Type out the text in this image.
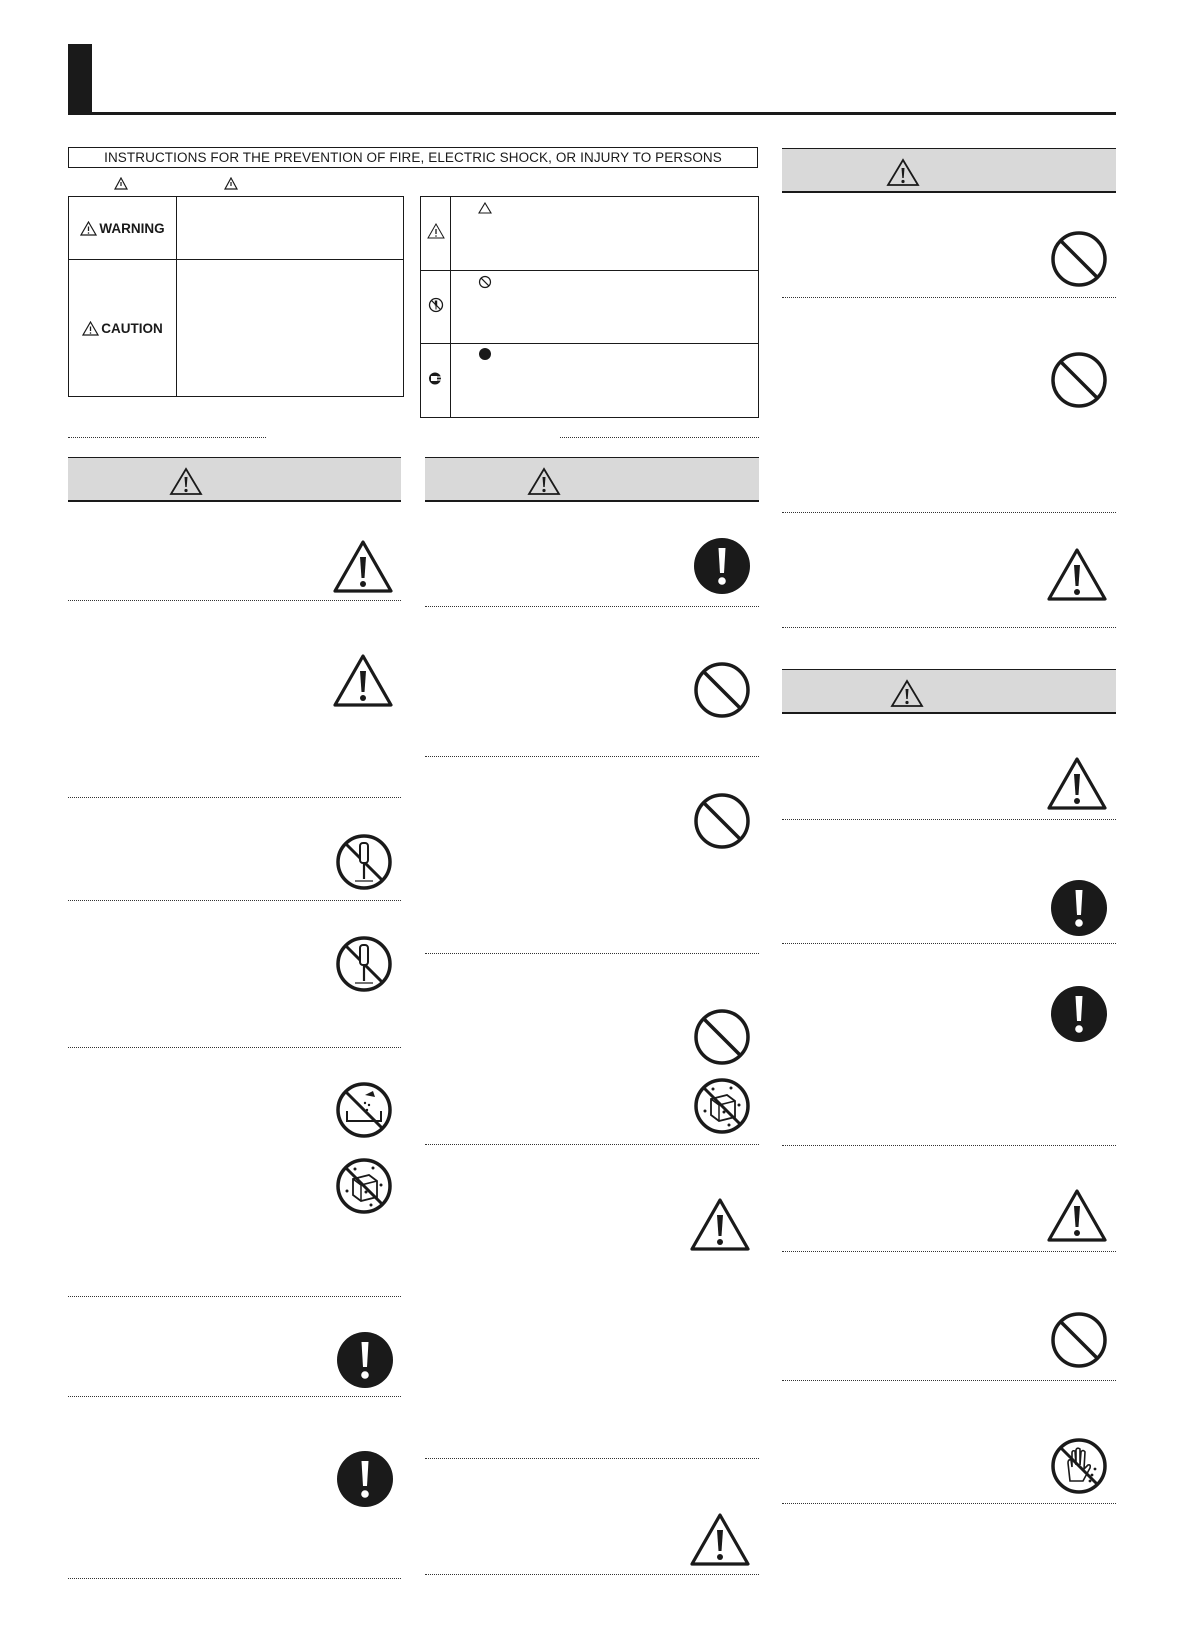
INSTRUCTIONS FOR THE PREVENTION OF FIRE, ELECTRIC SHOCK, OR INJURY TO PERSONS
WARNING	

CAUTION	
